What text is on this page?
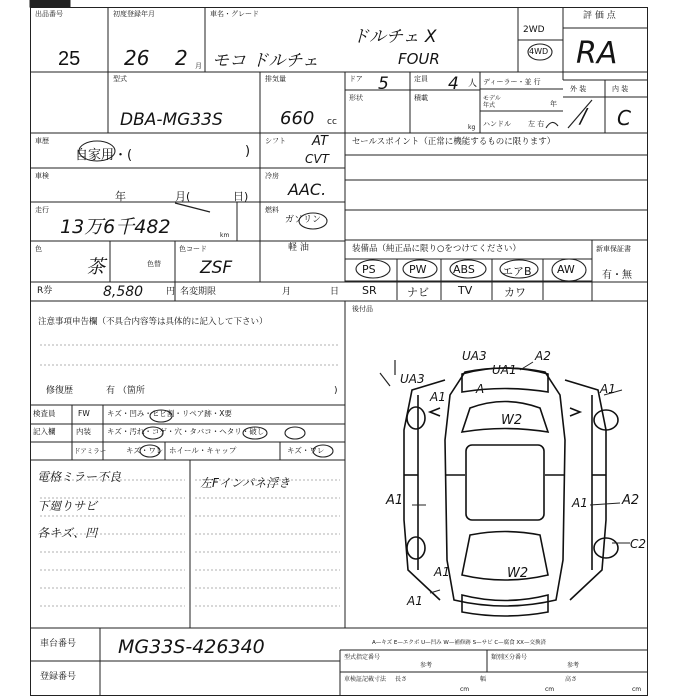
出品番号
25
初度登録年月
26 2 月
車名・グレード
モコ ドルチェ
ドルチェ X
FOUR
2WD
4WD
評 価 点
RA
型式
DBA-MG33S
排気量
660 cc
ドア 5	定員 4 人
形状	積載
kg
ディーラー・並 行
モデル年式	年
ハンドル 左 右
外 装	内 装
/ C
車歴
自家用・(	)
シフト AT
CVT
セールスポイント（正常に機能するものに限ります）
車検
年	月(	日)
冷房
AAC.
走行
13万6千482	km
燃料
ガソリン
軽 油
色
茶	色替
色コード
ZSF
装備品（純正品に限り○をつけてください）	新車保証書
有・無
PS	PW ABS エアB AW
SR	ナビ	TV	カワ
後付品
R券	8,580	円 名変期限	月	日
注意事項申告欄（不具合内容等は具体的に記入して下さい）
修復歴	有 （箇所	)
検査員
記入欄
FW キズ・凹み・ヒビ割・リペア跡・X要
内装 キズ・汚れ・コゲ・穴・タバコ・ヘタリ・破し
ドアミラー	キズ・ワレ ホイール・キャップ	キズ・ワレ
電格ミラー不良
下廻りサビ
各キズ、凹
左Fインパネ浮き
UA3	A2
UA3
A1
UA1
A
A1
W2
A1	A2
A1
C2
W2
A1
A1
車台番号 MG33S-426340
登録番号
A—キズ E—エクボ U—凹み W—補修跡 S—サビ C—腐食 XX—交換済
型式指定番号
参考
類別区分番号
参考
車検証記載寸法 長さ
cm
幅
cm
高さ
cm
